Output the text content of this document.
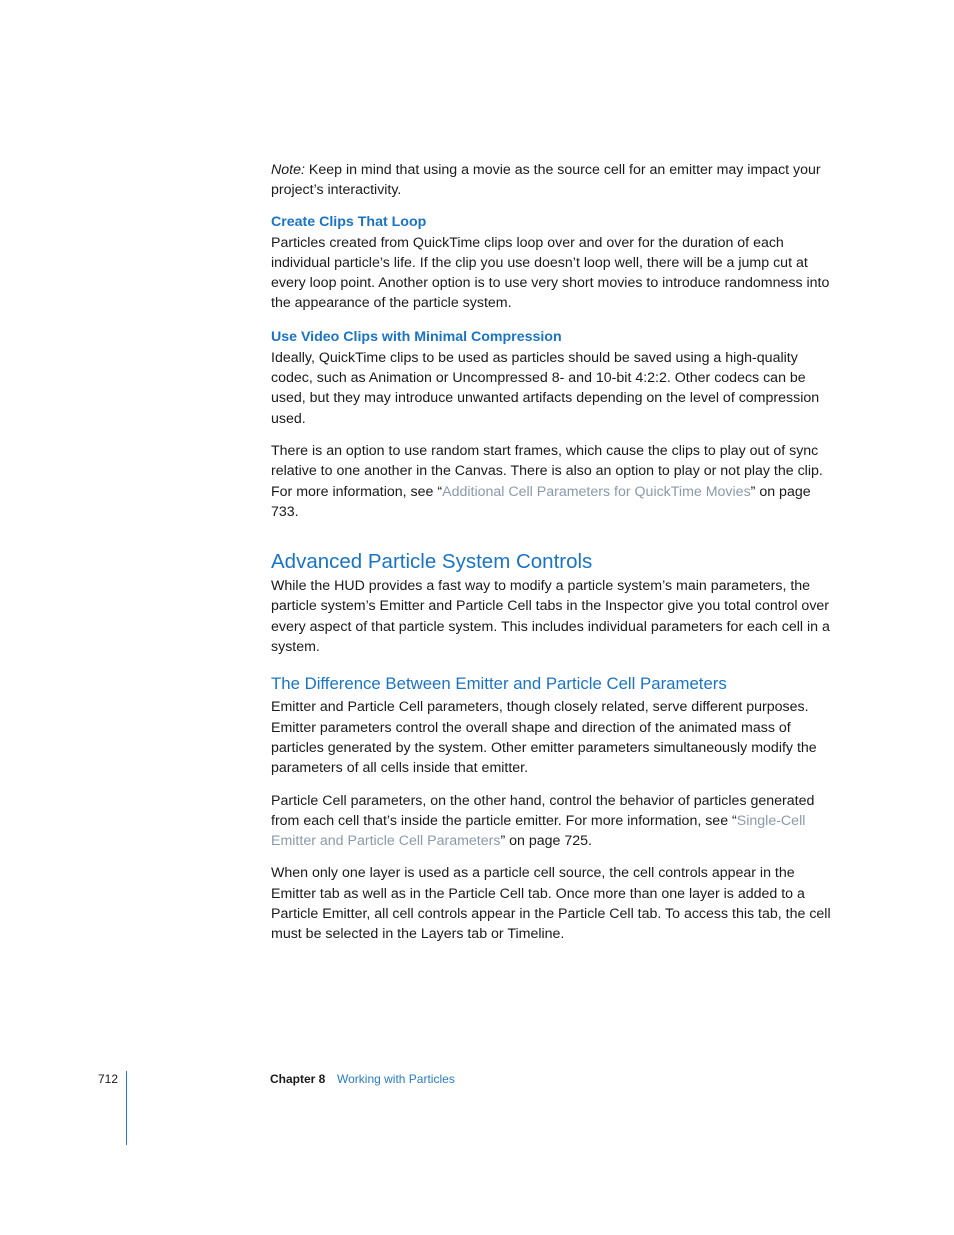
Note: Keep in mind that using a movie as the source cell for an emitter may impact your project’s interactivity.

Create Clips That Loop

Particles created from QuickTime clips loop over and over for the duration of each individual particle’s life. If the clip you use doesn’t loop well, there will be a jump cut at every loop point. Another option is to use very short movies to introduce randomness into the appearance of the particle system.

Use Video Clips with Minimal Compression

Ideally, QuickTime clips to be used as particles should be saved using a high-quality codec, such as Animation or Uncompressed 8- and 10-bit 4:2:2. Other codecs can be used, but they may introduce unwanted artifacts depending on the level of compression used.

There is an option to use random start frames, which cause the clips to play out of sync relative to one another in the Canvas. There is also an option to play or not play the clip. For more information, see “Additional Cell Parameters for QuickTime Movies” on page 733.

Advanced Particle System Controls

While the HUD provides a fast way to modify a particle system’s main parameters, the particle system’s Emitter and Particle Cell tabs in the Inspector give you total control over every aspect of that particle system. This includes individual parameters for each cell in a system.

The Difference Between Emitter and Particle Cell Parameters

Emitter and Particle Cell parameters, though closely related, serve different purposes. Emitter parameters control the overall shape and direction of the animated mass of particles generated by the system. Other emitter parameters simultaneously modify the parameters of all cells inside that emitter.

Particle Cell parameters, on the other hand, control the behavior of particles generated from each cell that’s inside the particle emitter. For more information, see “Single-Cell Emitter and Particle Cell Parameters” on page 725.

When only one layer is used as a particle cell source, the cell controls appear in the Emitter tab as well as in the Particle Cell tab. Once more than one layer is added to a Particle Emitter, all cell controls appear in the Particle Cell tab. To access this tab, the cell must be selected in the Layers tab or Timeline.

712	Chapter 8 Working with Particles
